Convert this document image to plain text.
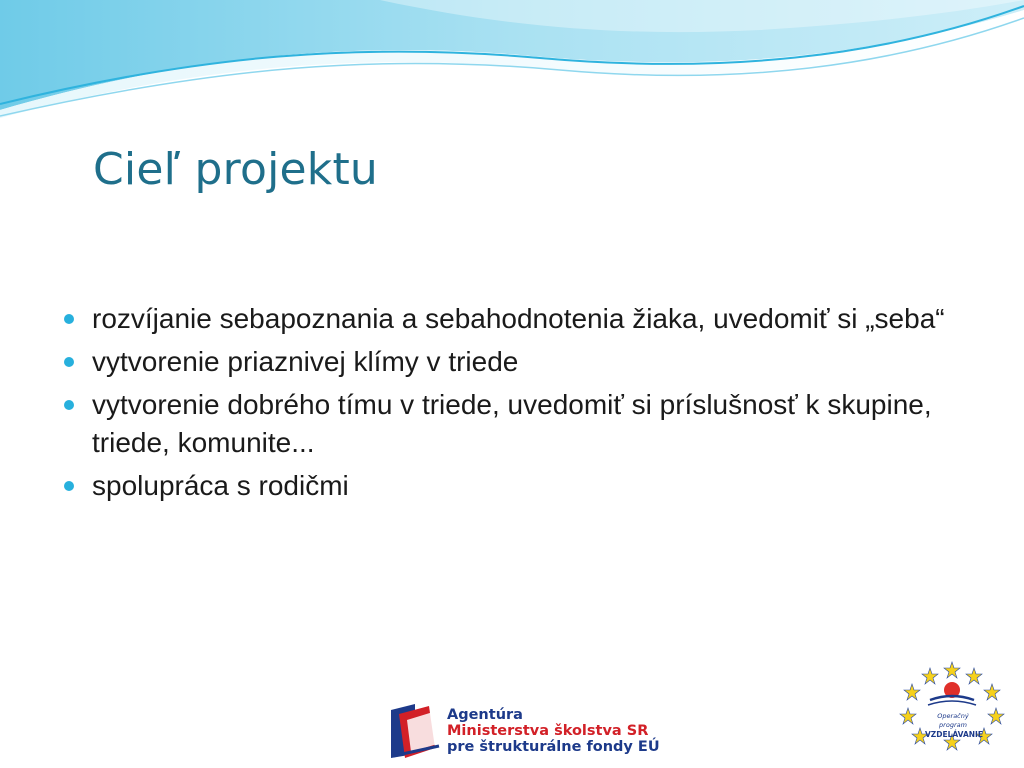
Cieľ projektu
rozvíjanie sebapoznania a sebahodnotenia žiaka, uvedomiť si „seba“
vytvorenie priaznivej klímy v triede
vytvorenie dobrého tímu v triede, uvedomiť si príslušnosť k skupine, triede, komunite...
spolupráca s rodičmi
Agentúra
Ministerstva školstva SR
pre štrukturálne fondy EÚ
Operačný program
VZDELÁVANIE
